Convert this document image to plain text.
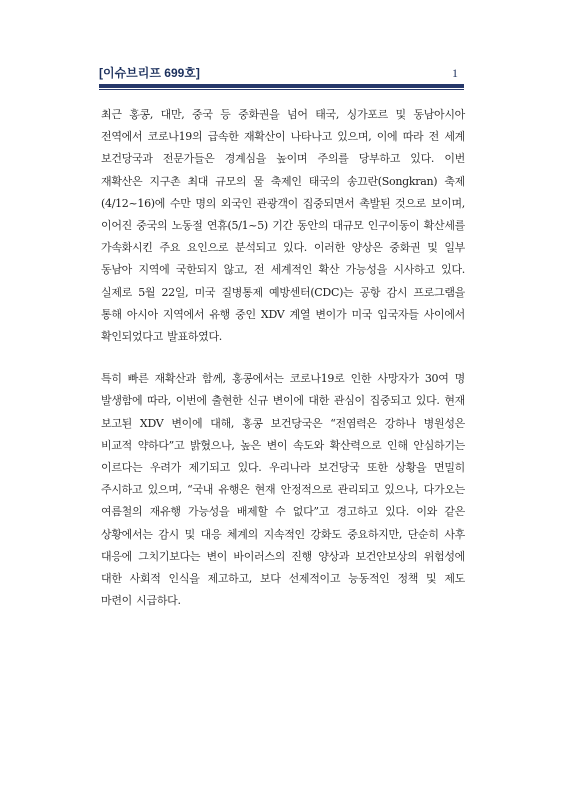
[이슈브리프 699호]	1

최근 홍콩, 대만, 중국 등 중화권을 넘어 태국, 싱가포르 및 동남아시아 전역에서 코로나19의 급속한 재확산이 나타나고 있으며, 이에 따라 전 세계 보건당국과 전문가들은 경계심을 높이며 주의를 당부하고 있다. 이번 재확산은 지구촌 최대 규모의 물 축제인 태국의 송끄란(Songkran) 축제(4/12~16)에 수만 명의 외국인 관광객이 집중되면서 촉발된 것으로 보이며, 이어진 중국의 노동절 연휴(5/1~5) 기간 동안의 대규모 인구이동이 확산세를 가속화시킨 주요 요인으로 분석되고 있다. 이러한 양상은 중화권 및 일부 동남아 지역에 국한되지 않고, 전 세계적인 확산 가능성을 시사하고 있다. 실제로 5월 22일, 미국 질병통제 예방센터(CDC)는 공항 감시 프로그램을 통해 아시아 지역에서 유행 중인 XDV 계열 변이가 미국 입국자들 사이에서 확인되었다고 발표하였다.

특히 빠른 재확산과 함께, 홍콩에서는 코로나19로 인한 사망자가 30여 명 발생함에 따라, 이번에 출현한 신규 변이에 대한 관심이 집중되고 있다. 현재 보고된 XDV 변이에 대해, 홍콩 보건당국은 “전염력은 강하나 병원성은 비교적 약하다”고 밝혔으나, 높은 변이 속도와 확산력으로 인해 안심하기는 이르다는 우려가 제기되고 있다. 우리나라 보건당국 또한 상황을 면밀히 주시하고 있으며, “국내 유행은 현재 안정적으로 관리되고 있으나, 다가오는 여름철의 재유행 가능성을 배제할 수 없다”고 경고하고 있다. 이와 같은 상황에서는 감시 및 대응 체계의 지속적인 강화도 중요하지만, 단순히 사후 대응에 그치기보다는 변이 바이러스의 진행 양상과 보건안보상의 위험성에 대한 사회적 인식을 제고하고, 보다 선제적이고 능동적인 정책 및 제도 마련이 시급하다.
